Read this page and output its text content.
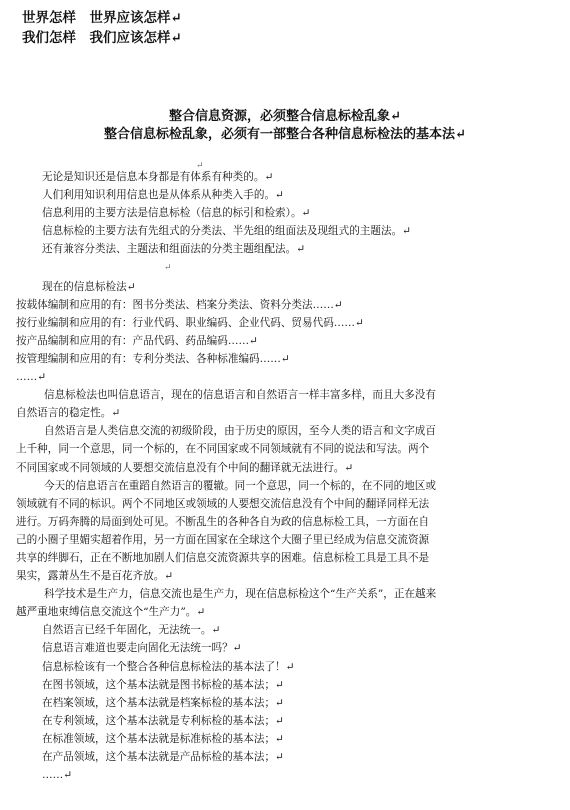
世界怎样　世界应该怎样↵
我们怎样　我们应该怎样↵
整合信息资源，必须整合信息标检乱象↵
整合信息标检乱象，必须有一部整合各种信息标检法的基本法↵
↵
无论是知识还是信息本身都是有体系有种类的。↵
人们利用知识利用信息也是从体系从种类入手的。↵
信息利用的主要方法是信息标检（信息的标引和检索）。↵
信息标检的主要方法有先组式的分类法、半先组的组面法及现组式的主题法。↵
还有兼容分类法、主题法和组面法的分类主题组配法。↵
↵
现在的信息标检法↵
按载体编制和应用的有：图书分类法、档案分类法、资料分类法……↵
按行业编制和应用的有：行业代码、职业编码、企业代码、贸易代码……↵
按产品编制和应用的有：产品代码、药品编码……↵
按管理编制和应用的有：专利分类法、各种标准编码……↵
……↵
信息标检法也叫信息语言，现在的信息语言和自然语言一样丰富多样，而且大多没有
自然语言的稳定性。↵
自然语言是人类信息交流的初级阶段，由于历史的原因，至今人类的语言和文字成百
上千种，同一个意思，同一个标的，在不同国家或不同领域就有不同的说法和写法。两个
不同国家或不同领域的人要想交流信息没有个中间的翻译就无法进行。↵
今天的信息语言在重蹈自然语言的覆辙。同一个意思，同一个标的，在不同的地区或
领域就有不同的标识。两个不同地区或领域的人要想交流信息没有个中间的翻译同样无法
进行。万码奔腾的局面到处可见。不断乱生的各种各自为政的信息标检工具，一方面在自
己的小圈子里媚实超着作用，另一方面在国家在全球这个大圈子里已经成为信息交流资源
共享的绊脚石，正在不断地加剧人们信息交流资源共享的困难。信息标检工具是工具不是
果实，露萧丛生不是百花齐放。↵
科学技术是生产力，信息交流也是生产力，现在信息标检这个“生产关系”，正在越来
越严重地束缚信息交流这个“生产力”。↵
自然语言已经千年固化，无法统一。↵
信息语言难道也要走向固化无法统一吗？↵
信息标检该有一个整合各种信息标检法的基本法了！↵
在图书领域，这个基本法就是图书标检的基本法；↵
在档案领域，这个基本法就是档案标检的基本法；↵
在专利领域，这个基本法就是专利标检的基本法；↵
在标准领域，这个基本法就是标准标检的基本法；↵
在产品领域，这个基本法就是产品标检的基本法；↵
……↵
